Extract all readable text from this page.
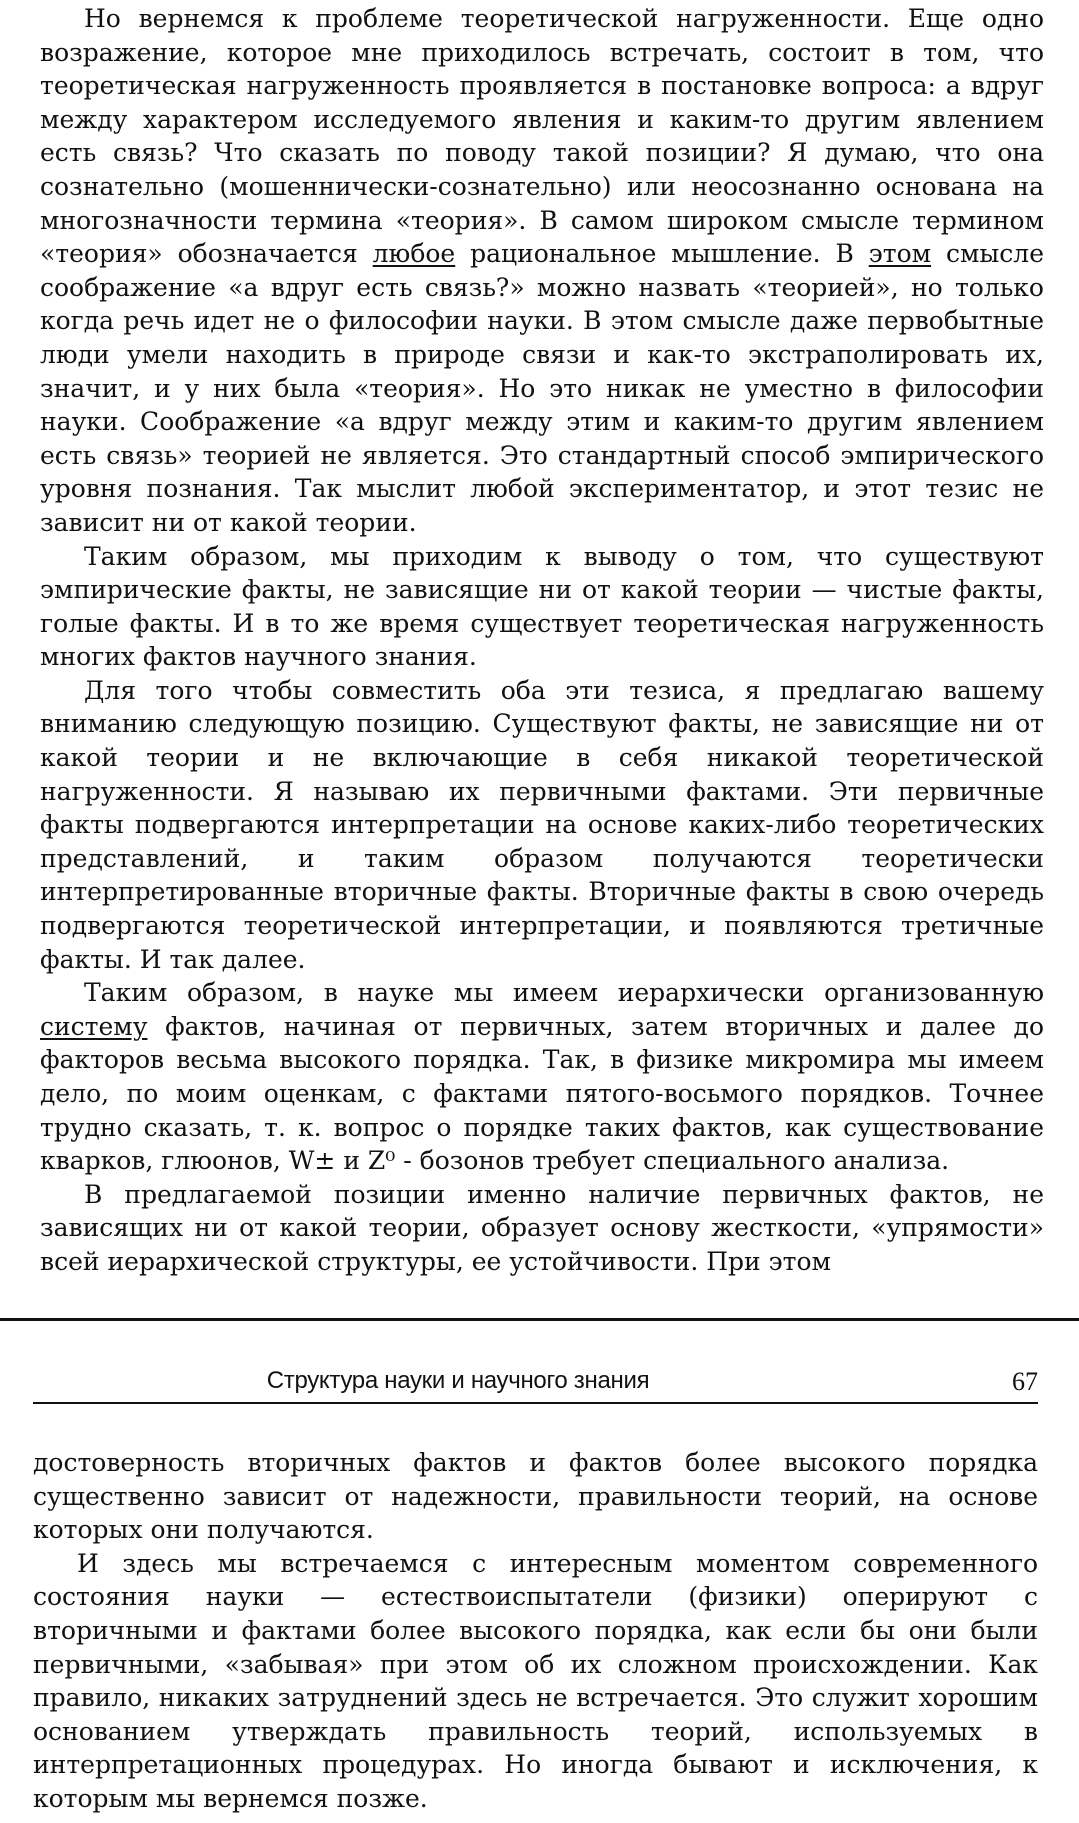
Но вернемся к проблеме теоретической нагруженности. Еще одно возражение, которое мне приходилось встречать, состоит в том, что теоретическая нагруженность проявляется в постановке вопроса: а вдруг между характером исследуемого явления и каким-то другим явлением есть связь? Что сказать по поводу такой позиции? Я думаю, что она сознательно (мошеннически-сознательно) или неосознанно основана на многозначности термина «теория». В самом широком смысле термином «теория» обозначается любое рациональное мышление. В этом смысле соображение «а вдруг есть связь?» можно назвать «теорией», но только когда речь идет не о философии науки. В этом смысле даже первобытные люди умели находить в природе связи и как-то экстраполировать их, значит, и у них была «теория». Но это никак не уместно в философии науки. Соображение «а вдруг между этим и каким-то другим явлением есть связь» теорией не является. Это стандартный способ эмпирического уровня познания. Так мыслит любой экспериментатор, и этот тезис не зависит ни от какой теории.

Таким образом, мы приходим к выводу о том, что существуют эмпирические факты, не зависящие ни от какой теории — чистые факты, голые факты. И в то же время существует теоретическая нагруженность многих фактов научного знания.

Для того чтобы совместить оба эти тезиса, я предлагаю вашему вниманию следующую позицию. Существуют факты, не зависящие ни от какой теории и не включающие в себя никакой теоретической нагруженности. Я называю их первичными фактами. Эти первичные факты подвергаются интерпретации на основе каких-либо теоретических представлений, и таким образом получаются теоретически интерпретированные вторичные факты. Вторичные факты в свою очередь подвергаются теоретической интерпретации, и появляются третичные факты. И так далее.

Таким образом, в науке мы имеем иерархически организованную систему фактов, начиная от первичных, затем вторичных и далее до факторов весьма высокого порядка. Так, в физике микромира мы имеем дело, по моим оценкам, с фактами пятого-восьмого порядков. Точнее трудно сказать, т. к. вопрос о порядке таких фактов, как существование кварков, глюонов, W± и Z⁰ - бозонов требует специального анализа.

В предлагаемой позиции именно наличие первичных фактов, не зависящих ни от какой теории, образует основу жесткости, «упрямости» всей иерархической структуры, ее устойчивости. При этом

Структура науки и научного знания	67

достоверность вторичных фактов и фактов более высокого порядка существенно зависит от надежности, правильности теорий, на основе которых они получаются.

И здесь мы встречаемся с интересным моментом современного состояния науки — естествоиспытатели (физики) оперируют с вторичными и фактами более высокого порядка, как если бы они были первичными, «забывая» при этом об их сложном происхождении. Как правило, никаких затруднений здесь не встречается. Это служит хорошим основанием утверждать правильность теорий, используемых в интерпретационных процедурах. Но иногда бывают и исключения, к которым мы вернемся позже.
